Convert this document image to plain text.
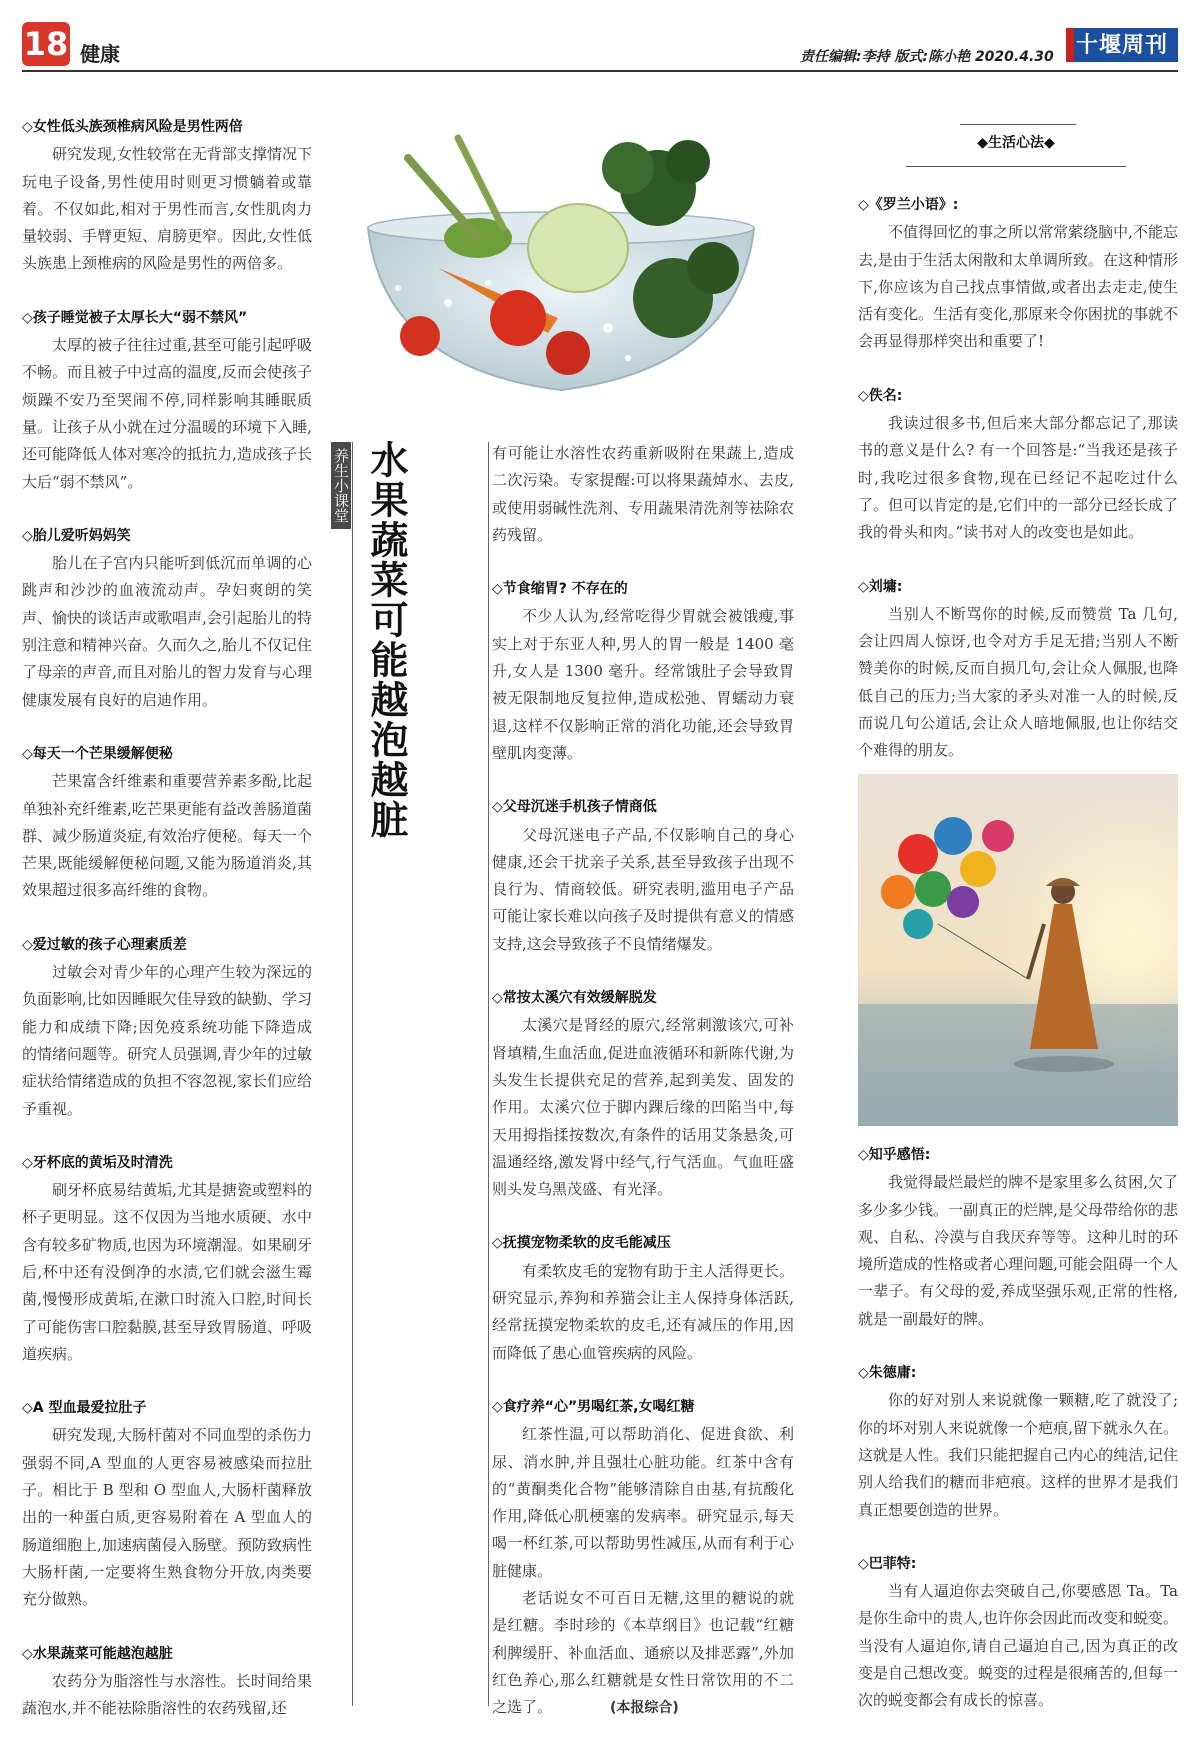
18 健康	责任编辑:李持 版式:陈小艳 2020.4.30	十堰周刊
◇女性低头族颈椎病风险是男性两倍

研究发现,女性较常在无背部支撑情况下玩电子设备,男性使用时则更习惯躺着或靠着。不仅如此,相对于男性而言,女性肌肉力量较弱、手臂更短、肩膀更窄。因此,女性低头族患上颈椎病的风险是男性的两倍多。

◇孩子睡觉被子太厚长大“弱不禁风”

太厚的被子往往过重,甚至可能引起呼吸不畅。而且被子中过高的温度,反而会使孩子烦躁不安乃至哭闹不停,同样影响其睡眠质量。让孩子从小就在过分温暖的环境下入睡,还可能降低人体对寒冷的抵抗力,造成孩子长大后“弱不禁风”。

◇胎儿爱听妈妈笑

胎儿在子宫内只能听到低沉而单调的心跳声和沙沙的血液流动声。孕妇爽朗的笑声、愉快的谈话声或歌唱声,会引起胎儿的特别注意和精神兴奋。久而久之,胎儿不仅记住了母亲的声音,而且对胎儿的智力发育与心理健康发展有良好的启迪作用。

◇每天一个芒果缓解便秘

芒果富含纤维素和重要营养素多酚,比起单独补充纤维素,吃芒果更能有益改善肠道菌群、减少肠道炎症,有效治疗便秘。每天一个芒果,既能缓解便秘问题,又能为肠道消炎,其效果超过很多高纤维的食物。

◇爱过敏的孩子心理素质差

过敏会对青少年的心理产生较为深远的负面影响,比如因睡眠欠佳导致的缺勤、学习能力和成绩下降;因免疫系统功能下降造成的情绪问题等。研究人员强调,青少年的过敏症状给情绪造成的负担不容忽视,家长们应给予重视。

◇牙杯底的黄垢及时清洗

刷牙杯底易结黄垢,尤其是搪瓷或塑料的杯子更明显。这不仅因为当地水质硬、水中含有较多矿物质,也因为环境潮湿。如果刷牙后,杯中还有没倒净的水渍,它们就会滋生霉菌,慢慢形成黄垢,在漱口时流入口腔,时间长了可能伤害口腔黏膜,甚至导致胃肠道、呼吸道疾病。

◇A 型血最爱拉肚子

研究发现,大肠杆菌对不同血型的杀伤力强弱不同,A 型血的人更容易被感染而拉肚子。相比于 B 型和 O 型血人,大肠杆菌释放出的一种蛋白质,更容易附着在 A 型血人的肠道细胞上,加速病菌侵入肠壁。预防致病性大肠杆菌,一定要将生熟食物分开放,肉类要充分做熟。

◇水果蔬菜可能越泡越脏

农药分为脂溶性与水溶性。长时间给果蔬泡水,并不能祛除脂溶性的农药残留,还

养生小课堂 水果蔬菜可能越泡越脏	有可能让水溶性农药重新吸附在果蔬上,造成二次污染。专家提醒:可以将果蔬焯水、去皮,或使用弱碱性洗剂、专用蔬果清洗剂等祛除农药残留。

◇节食缩胃? 不存在的

不少人认为,经常吃得少胃就会被饿瘦,事实上对于东亚人种,男人的胃一般是 1400 毫升,女人是 1300 毫升。经常饿肚子会导致胃被无限制地反复拉伸,造成松弛、胃蠕动力衰退,这样不仅影响正常的消化功能,还会导致胃壁肌肉变薄。

◇父母沉迷手机孩子情商低

父母沉迷电子产品,不仅影响自己的身心健康,还会干扰亲子关系,甚至导致孩子出现不良行为、情商较低。研究表明,滥用电子产品可能让家长难以向孩子及时提供有意义的情感支持,这会导致孩子不良情绪爆发。

◇常按太溪穴有效缓解脱发

太溪穴是肾经的原穴,经常刺激该穴,可补肾填精,生血活血,促进血液循环和新陈代谢,为头发生长提供充足的营养,起到美发、固发的作用。太溪穴位于脚内踝后缘的凹陷当中,每天用拇指揉按数次,有条件的话用艾条悬灸,可温通经络,激发肾中经气,行气活血。气血旺盛则头发乌黑茂盛、有光泽。

◇抚摸宠物柔软的皮毛能减压

有柔软皮毛的宠物有助于主人活得更长。研究显示,养狗和养猫会让主人保持身体活跃,经常抚摸宠物柔软的皮毛,还有减压的作用,因而降低了患心血管疾病的风险。

◇食疗养“心”男喝红茶,女喝红糖

红茶性温,可以帮助消化、促进食欲、利尿、消水肿,并且强壮心脏功能。红茶中含有的“黄酮类化合物”能够清除自由基,有抗酸化作用,降低心肌梗塞的发病率。研究显示,每天喝一杯红茶,可以帮助男性减压,从而有利于心脏健康。

老话说女不可百日无糖,这里的糖说的就是红糖。李时珍的《本草纲目》也记载“红糖利脾缓肝、补血活血、通瘀以及排恶露”,外加红色养心,那么红糖就是女性日常饮用的不二之选了。	(本报综合)

◆生活心法◆
◇《罗兰小语》:

不值得回忆的事之所以常常萦绕脑中,不能忘去,是由于生活太闲散和太单调所致。在这种情形下,你应该为自己找点事情做,或者出去走走,使生活有变化。生活有变化,那原来令你困扰的事就不会再显得那样突出和重要了!

◇佚名:

我读过很多书,但后来大部分都忘记了,那读书的意义是什么? 有一个回答是:“当我还是孩子时,我吃过很多食物,现在已经记不起吃过什么了。但可以肯定的是,它们中的一部分已经长成了我的骨头和肉。”读书对人的改变也是如此。

◇刘墉:

当别人不断骂你的时候,反而赞赏 Ta 几句,会让四周人惊讶,也令对方手足无措;当别人不断赞美你的时候,反而自损几句,会让众人佩服,也降低自己的压力;当大家的矛头对准一人的时候,反而说几句公道话,会让众人暗地佩服,也让你结交个难得的朋友。

◇知乎感悟:

我觉得最烂最烂的牌不是家里多么贫困,欠了多少多少钱。一副真正的烂牌,是父母带给你的悲观、自私、冷漠与自我厌弃等等。这种儿时的环境所造成的性格或者心理问题,可能会阻碍一个人一辈子。有父母的爱,养成坚强乐观,正常的性格,就是一副最好的牌。

◇朱德庸:

你的好对别人来说就像一颗糖,吃了就没了;你的坏对别人来说就像一个疤痕,留下就永久在。这就是人性。我们只能把握自己内心的纯洁,记住别人给我们的糖而非疤痕。这样的世界才是我们真正想要创造的世界。

◇巴菲特:

当有人逼迫你去突破自己,你要感恩 Ta。Ta是你生命中的贵人,也许你会因此而改变和蜕变。当没有人逼迫你,请自己逼迫自己,因为真正的改变是自己想改变。蜕变的过程是很痛苦的,但每一次的蜕变都会有成长的惊喜。
